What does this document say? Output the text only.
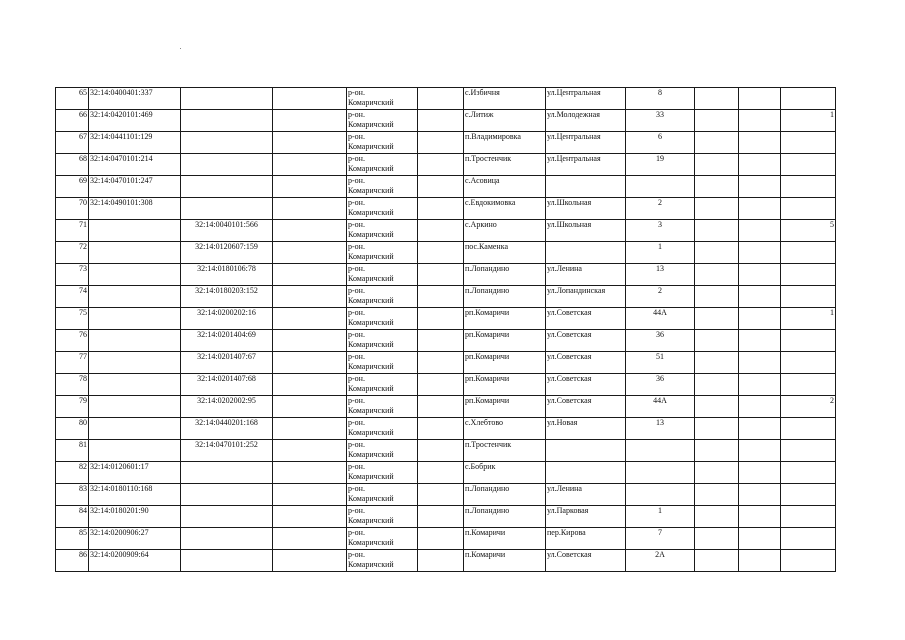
65	32:14:0400401:337			р-он.
Комаричский		с.Избичня	ул.Центральная	8			
66	32:14:0420101:469			р-он.
Комаричский		с.Литиж	ул.Молодежная	33			1
67	32:14:0441101:129			р-он.
Комаричский		п.Владимировка	ул.Центральная	6			
68	32:14:0470101:214			р-он.
Комаричский		п.Тростенчик	ул.Центральная	19			
69	32:14:0470101:247			р-он.
Комаричский		с.Асовица					
70	32:14:0490101:308			р-он.
Комаричский		с.Евдокимовка	ул.Школьная	2			
71		32:14:0040101:566		р-он.
Комаричский		с.Аркино	ул.Школьная	3			5
72		32:14:0120607:159		р-он.
Комаричский		пос.Каменка		1			
73		32:14:0180106:78		р-он.
Комаричский		п.Лопандино	ул.Ленина	13			
74		32:14:0180203:152		р-он.
Комаричский		п.Лопандино	ул.Лопандинская	2			
75		32:14:0200202:16		р-он.
Комаричский		рп.Комаричи	ул.Советская	44А			1
76		32:14:0201404:69		р-он.
Комаричский		рп.Комаричи	ул.Советская	36			
77		32:14:0201407:67		р-он.
Комаричский		рп.Комаричи	ул.Советская	51			
78		32:14:0201407:68		р-он.
Комаричский		рп.Комаричи	ул.Советская	36			
79		32:14:0202002:95		р-он.
Комаричский		рп.Комаричи	ул.Советская	44А			2
80		32:14:0440201:168		р-он.
Комаричский		с.Хлебтово	ул.Новая	13			
81		32:14:0470101:252		р-он.
Комаричский		п.Тростенчик					
82	32:14:0120601:17			р-он.
Комаричский		с.Бобрик					
83	32:14:0180110:168			р-он.
Комаричский		п.Лопандино	ул.Ленина				
84	32:14:0180201:90			р-он.
Комаричский		п.Лопандино	ул.Парковая	1			
85	32:14:0200906:27			р-он.
Комаричский		п.Комаричи	пер.Кирова	7			
86	32:14:0200909:64			р-он.
Комаричский		п.Комаричи	ул.Советская	2А			
